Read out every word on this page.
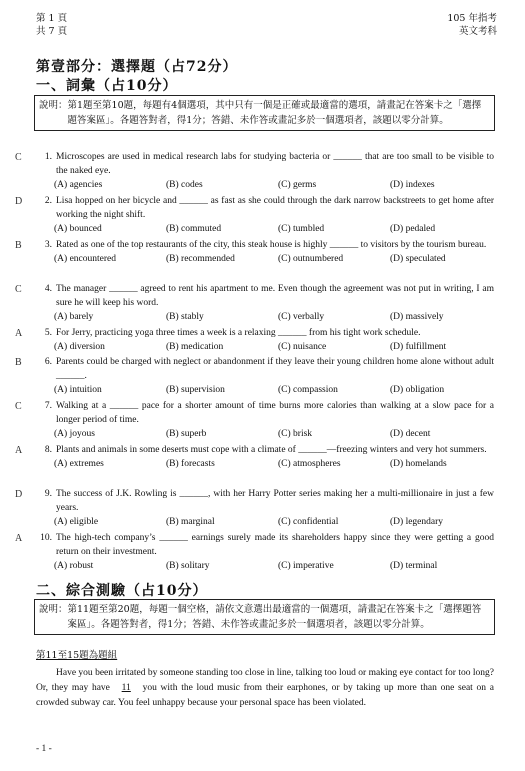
第 1 頁
共 7 頁
105 年指考
英文考科
第壹部分：選擇題（占72分）
一、詞彙（占10分）
說明： 第1題至第10題，每題有4個選項，其中只有一個是正確或最適當的選項，請畫記在答案卡之「選擇題答案區」。各題答對者，得1分；答錯、未作答或畫記多於一個選項者，該題以零分計算。
C	1. Microscopes are used in medical research labs for studying bacteria or ______ that are too small to be visible to the naked eye.
(A) agencies	(B) codes	(C) germs	(D) indexes
D	2. Lisa hopped on her bicycle and ______ as fast as she could through the dark narrow backstreets to get home after working the night shift.
(A) bounced	(B) commuted	(C) tumbled	(D) pedaled
B	3. Rated as one of the top restaurants of the city, this steak house is highly ______ to visitors by the tourism bureau.
(A) encountered	(B) recommended	(C) outnumbered	(D) speculated
C	4. The manager ______ agreed to rent his apartment to me. Even though the agreement was not put in writing, I am sure he will keep his word.
(A) barely	(B) stably	(C) verbally	(D) massively
A	5. For Jerry, practicing yoga three times a week is a relaxing ______ from his tight work schedule.
(A) diversion	(B) medication	(C) nuisance	(D) fulfillment
B	6. Parents could be charged with neglect or abandonment if they leave their young children home alone without adult ______.
(A) intuition	(B) supervision	(C) compassion	(D) obligation
C	7. Walking at a ______ pace for a shorter amount of time burns more calories than walking at a slow pace for a longer period of time.
(A) joyous	(B) superb	(C) brisk	(D) decent
A	8. Plants and animals in some deserts must cope with a climate of ______—freezing winters and very hot summers.
(A) extremes	(B) forecasts	(C) atmospheres	(D) homelands
D	9. The success of J.K. Rowling is ______, with her Harry Potter series making her a multi-millionaire in just a few years.
(A) eligible	(B) marginal	(C) confidential	(D) legendary
A	10. The high-tech company’s ______ earnings surely made its shareholders happy since they were getting a good return on their investment.
(A) robust	(B) solitary	(C) imperative	(D) terminal
二、綜合測驗（占10分）
說明： 第11題至第20題，每題一個空格，請依文意選出最適當的一個選項，請畫記在答案卡之「選擇題答案區」。各題答對者，得1分；答錯、未作答或畫記多於一個選項者，該題以零分計算。
第11至15題為題組
Have you been irritated by someone standing too close in line, talking too loud or making eye contact for too long? Or, they may have 11 you with the loud music from their earphones, or by taking up more than one seat on a crowded subway car. You feel unhappy because your personal space has been violated.
- 1 -
